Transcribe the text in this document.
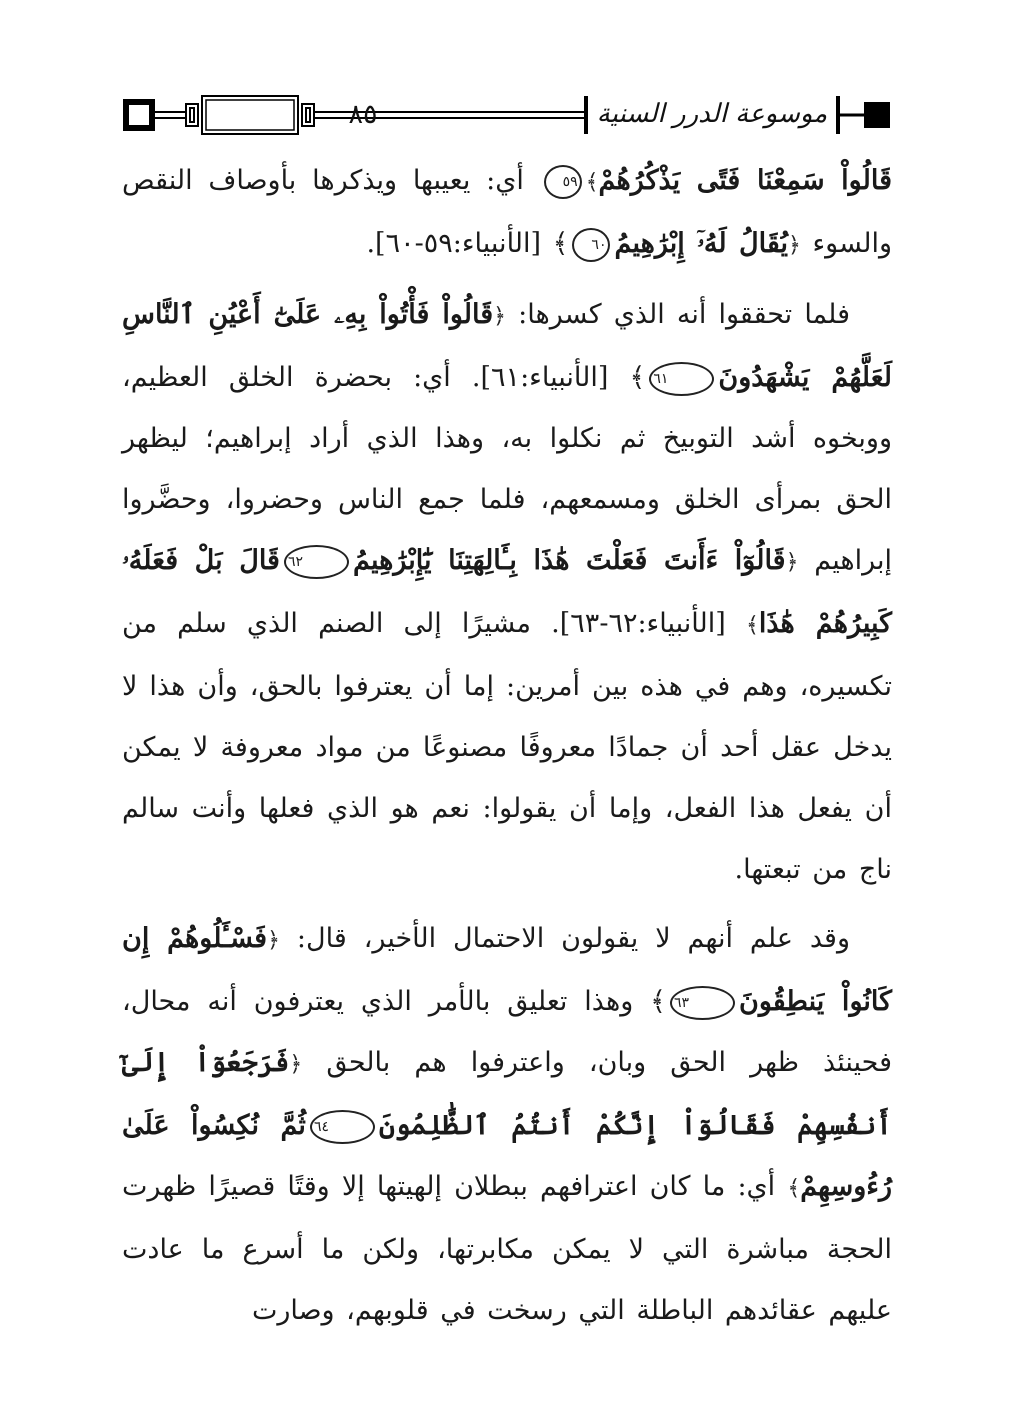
٨٥	موسوعة الدرر السنية

قَالُواْ سَمِعْنَا فَتًى يَذْكُرُهُمْ﴾٥٩ أي: يعيبها ويذكرها بأوصاف النقص والسوء ﴿يُقَالُ لَهُۥٓ إِبْرَٰهِيمُ٦٠﴾ [الأنبياء:٥٩-٦٠].

فلما تحققوا أنه الذي كسرها: ﴿قَالُواْ فَأْتُواْ بِهِۦ عَلَىٰٓ أَعْيُنِ ٱلنَّاسِ لَعَلَّهُمْ يَشْهَدُونَ٦١﴾ [الأنبياء:٦١]. أي: بحضرة الخلق العظيم، ووبخوه أشد التوبيخ ثم نكلوا به، وهذا الذي أراد إبراهيم؛ ليظهر الحق بمرأى الخلق ومسمعهم، فلما جمع الناس وحضروا، وحضَّروا إبراهيم ﴿قَالُوٓاْ ءَأَنتَ فَعَلْتَ هَٰذَا بِـَٔالِهَتِنَا يَٰٓإِبْرَٰهِيمُ٦٢قَالَ بَلْ فَعَلَهُۥ كَبِيرُهُمْ هَٰذَا﴾ [الأنبياء:٦٢-٦٣]. مشيرًا إلى الصنم الذي سلم من تكسيره، وهم في هذه بين أمرين: إما أن يعترفوا بالحق، وأن هذا لا يدخل عقل أحد أن جمادًا معروفًا مصنوعًا من مواد معروفة لا يمكن أن يفعل هذا الفعل، وإما أن يقولوا: نعم هو الذي فعلها وأنت سالم ناج من تبعتها.

وقد علم أنهم لا يقولون الاحتمال الأخير، قال: ﴿فَسْـَٔلُوهُمْ إِن كَانُواْ يَنطِقُونَ٦٣﴾ وهذا تعليق بالأمر الذي يعترفون أنه محال، فحينئذ ظهر الحق وبان، واعترفوا هم بالحق ﴿فَرَجَعُوٓاْ إِلَىٰٓ أَنفُسِهِمْ فَقَالُوٓاْ إِنَّكُمْ أَنتُمُ ٱلظَّٰلِمُونَ٦٤ثُمَّ نُكِسُواْ عَلَىٰ رُءُوسِهِمْ﴾ أي: ما كان اعترافهم ببطلان إلهيتها إلا وقتًا قصيرًا ظهرت الحجة مباشرة التي لا يمكن مكابرتها، ولكن ما أسرع ما عادت عليهم عقائدهم الباطلة التي رسخت في قلوبهم، وصارت
